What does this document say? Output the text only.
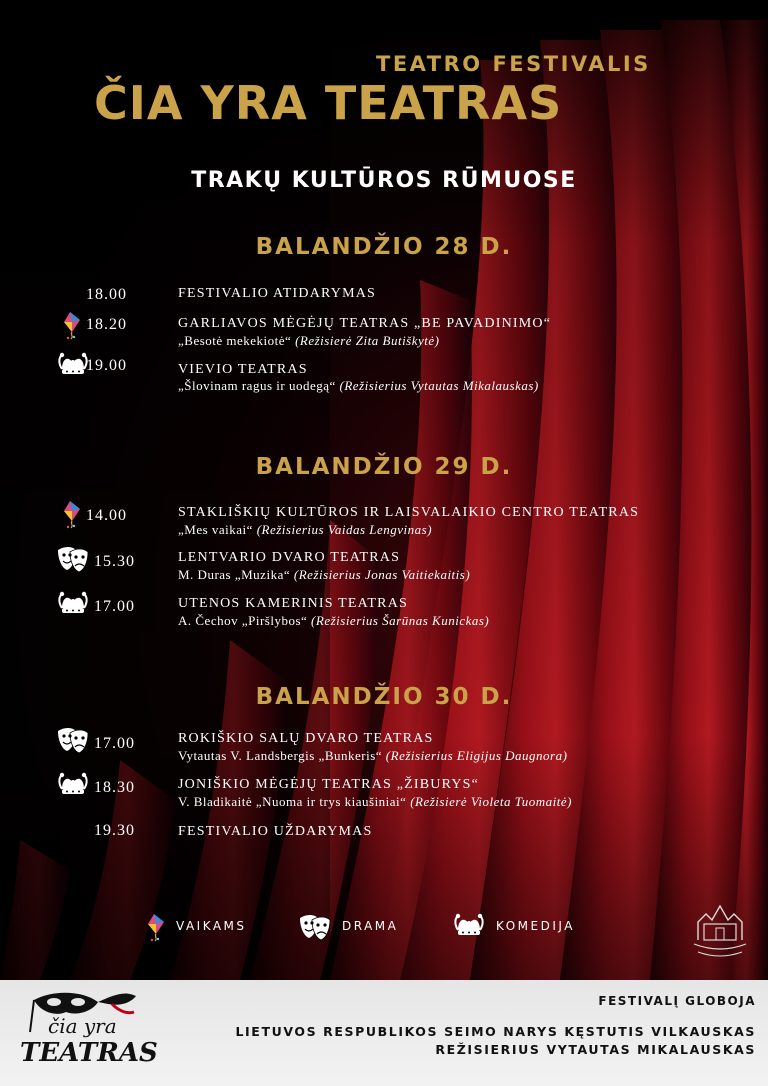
TEATRO FESTIVALIS
ČIA YRA TEATRAS
TRAKŲ KULTŪROS RŪMUOSE
BALANDŽIO 28 D.
18.00	FESTIVALIO ATIDARYMAS
18.20	GARLIAVOS MĖGĖJŲ TEATRAS „BE PAVADINIMO“
„Besotė mekekiotė“ (Režisierė Zita Butiškytė)
19.00	VIEVIO TEATRAS
„Šlovinam ragus ir uodegą“ (Režisierius Vytautas Mikalauskas)
BALANDŽIO 29 D.
14.00	STAKLIŠKIŲ KULTŪROS IR LAISVALAIKIO CENTRO TEATRAS
„Mes vaikai“ (Režisierius Vaidas Lengvinas)
15.30	LENTVARIO DVARO TEATRAS
M. Duras „Muzika“ (Režisierius Jonas Vaitiekaitis)
17.00	UTENOS KAMERINIS TEATRAS
A. Čechov „Piršlybos“ (Režisierius Šarūnas Kunickas)
BALANDŽIO 30 D.
17.00	ROKIŠKIO SALŲ DVARO TEATRAS
Vytautas V. Landsbergis „Bunkeris“ (Režisierius Eligijus Daugnora)
18.30	JONIŠKIO MĖGĖJŲ TEATRAS „ŽIBURYS“
V. Bladikaitė „Nuoma ir trys kiaušiniai“ (Režisierė Violeta Tuomaitė)
19.30	FESTIVALIO UŽDARYMAS
VAIKAMS	DRAMA	KOMEDIJA
čia yra
TEATRAS
FESTIVALĮ GLOBOJA
LIETUVOS RESPUBLIKOS SEIMO NARYS KĘSTUTIS VILKAUSKAS
REŽISIERIUS VYTAUTAS MIKALAUSKAS
